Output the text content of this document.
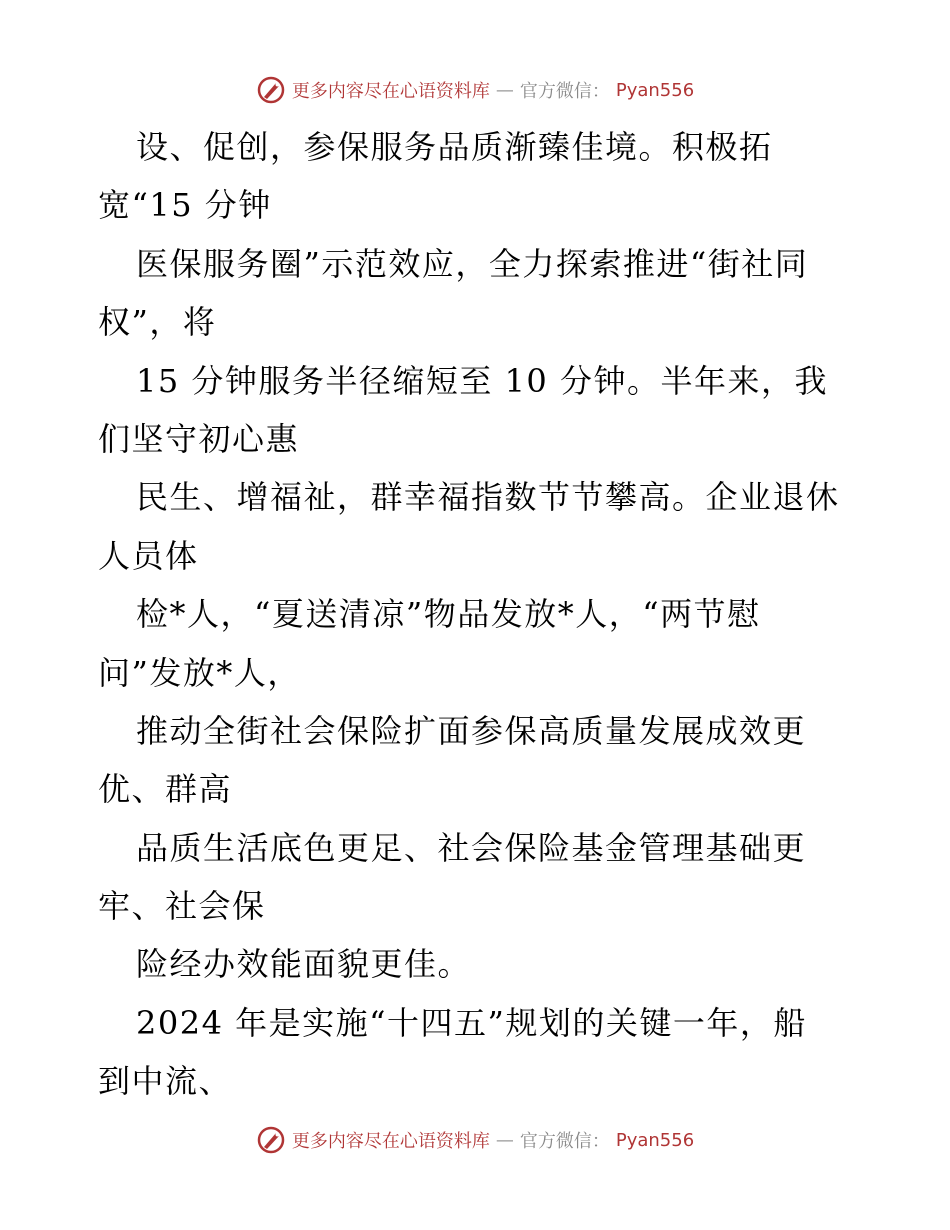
更多内容尽在心语资料库 — 官方微信： Pyan556
设、促创，参保服务品质渐臻佳境。积极拓
宽“15 分钟
医保服务圈”示范效应，全力探索推进“街社同
权”，将
15 分钟服务半径缩短至 10 分钟。半年来，我
们坚守初心惠
民生、增福祉，群幸福指数节节攀高。企业退休
人员体
检*人，“夏送清凉”物品发放*人，“两节慰
问”发放*人，
推动全街社会保险扩面参保高质量发展成效更
优、群高
品质生活底色更足、社会保险基金管理基础更
牢、社会保
险经办效能面貌更佳。
2024 年是实施“十四五”规划的关键一年，船
到中流、
更多内容尽在心语资料库 — 官方微信： Pyan556
